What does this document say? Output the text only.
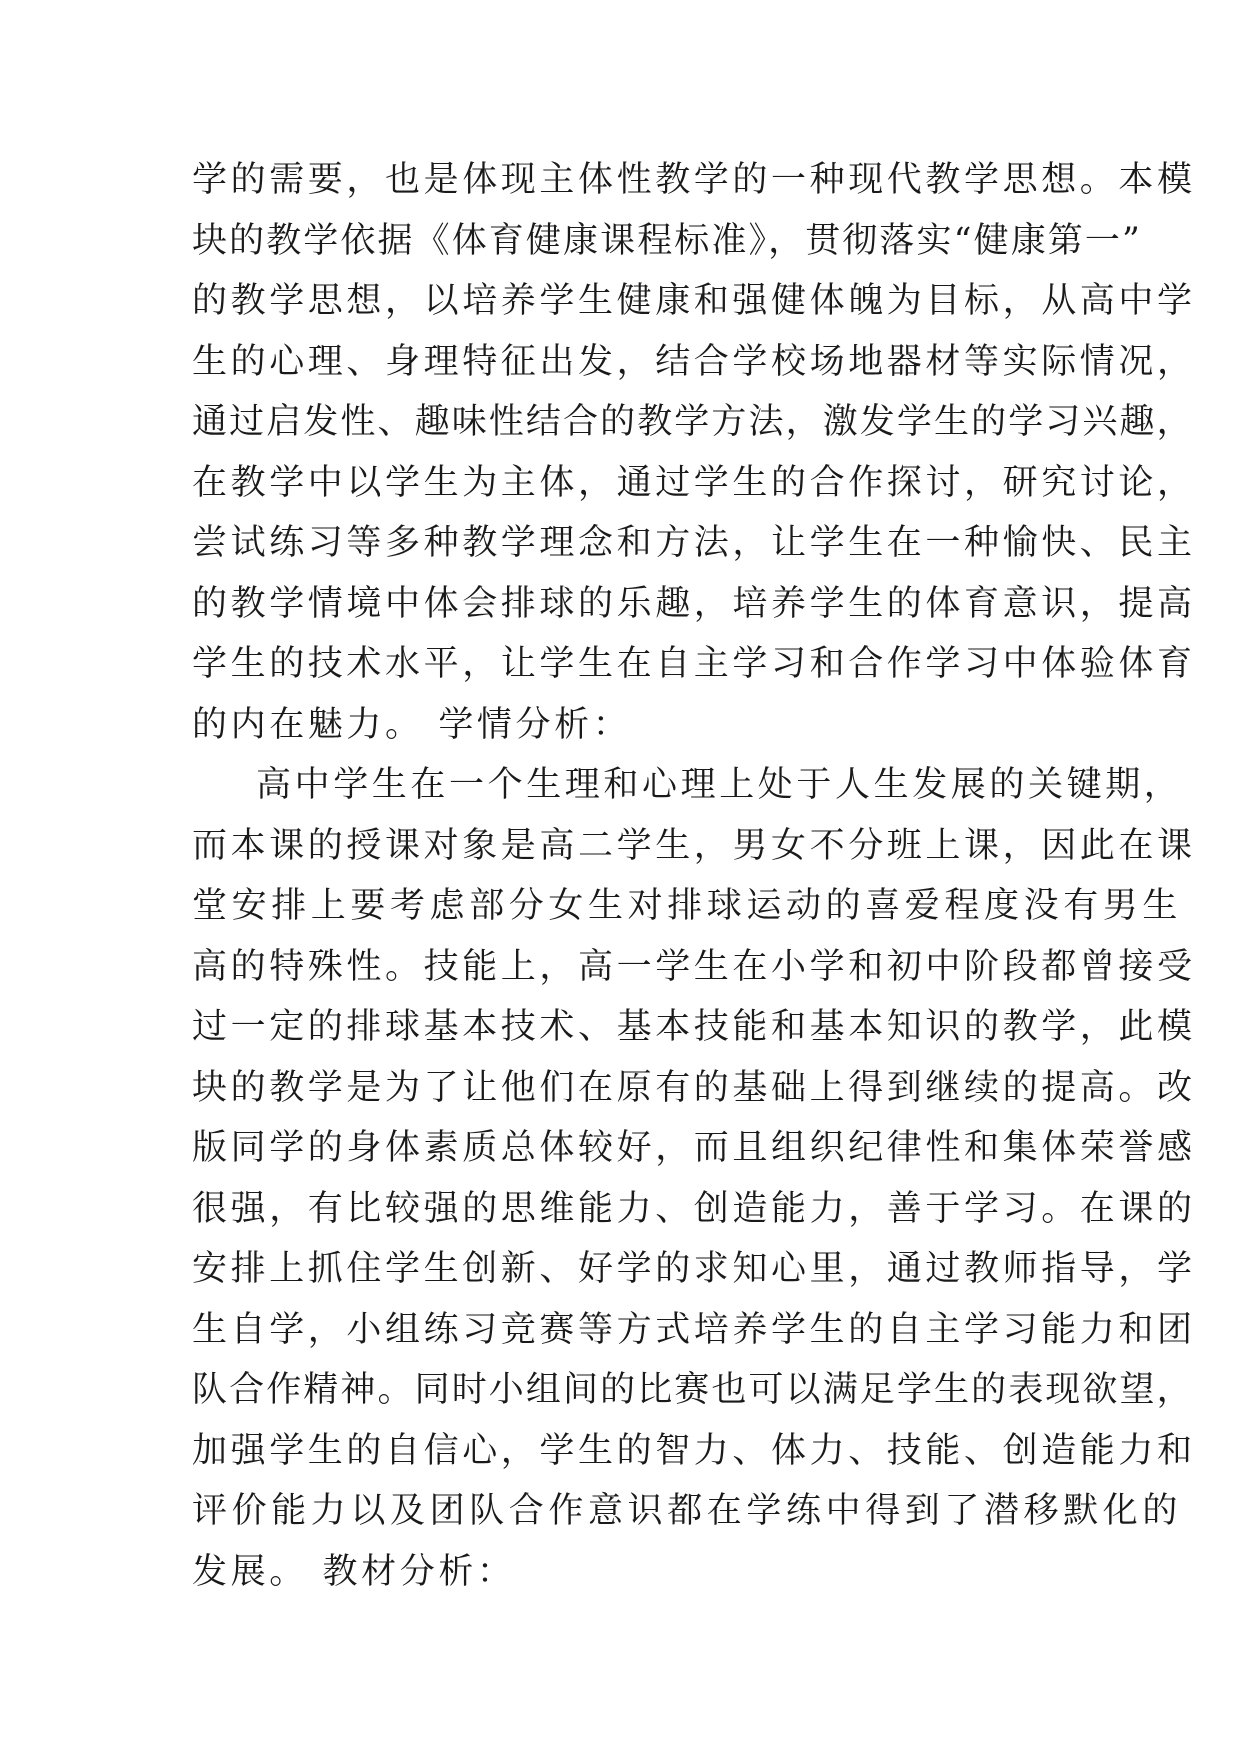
学的需要，也是体现主体性教学的一种现代教学思想。本模
块的教学依据《体育健康课程标准》，贯彻落实“健康第一”
的教学思想，以培养学生健康和强健体魄为目标，从高中学
生的心理、身理特征出发，结合学校场地器材等实际情况，
通过启发性、趣味性结合的教学方法，激发学生的学习兴趣，
在教学中以学生为主体，通过学生的合作探讨，研究讨论，
尝试练习等多种教学理念和方法，让学生在一种愉快、民主
的教学情境中体会排球的乐趣，培养学生的体育意识，提高
学生的技术水平，让学生在自主学习和合作学习中体验体育
的内在魅力。 学情分析：
高中学生在一个生理和心理上处于人生发展的关键期，
而本课的授课对象是高二学生，男女不分班上课，因此在课
堂安排上要考虑部分女生对排球运动的喜爱程度没有男生
高的特殊性。技能上，高一学生在小学和初中阶段都曾接受
过一定的排球基本技术、基本技能和基本知识的教学，此模
块的教学是为了让他们在原有的基础上得到继续的提高。改
版同学的身体素质总体较好，而且组织纪律性和集体荣誉感
很强，有比较强的思维能力、创造能力，善于学习。在课的
安排上抓住学生创新、好学的求知心里，通过教师指导，学
生自学，小组练习竞赛等方式培养学生的自主学习能力和团
队合作精神。同时小组间的比赛也可以满足学生的表现欲望，
加强学生的自信心，学生的智力、体力、技能、创造能力和
评价能力以及团队合作意识都在学练中得到了潜移默化的
发展。 教材分析：
